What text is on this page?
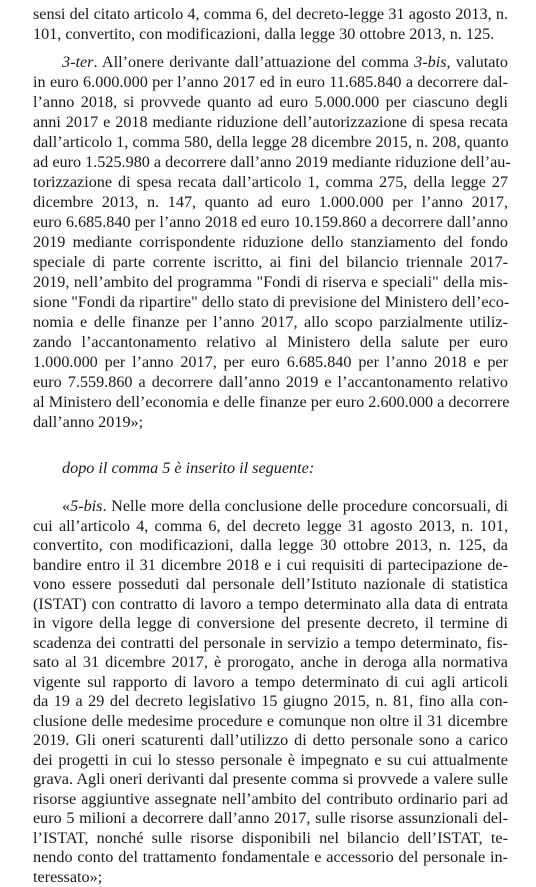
sensi del citato articolo 4, comma 6, del decreto-legge 31 agosto 2013, n.
101, convertito, con modificazioni, dalla legge 30 ottobre 2013, n. 125.
3-ter. All’onere derivante dall’attuazione del comma 3-bis, valutato
in euro 6.000.000 per l’anno 2017 ed in euro 11.685.840 a decorrere dal-
l’anno 2018, si provvede quanto ad euro 5.000.000 per ciascuno degli
anni 2017 e 2018 mediante riduzione dell’autorizzazione di spesa recata
dall’articolo 1, comma 580, della legge 28 dicembre 2015, n. 208, quanto
ad euro 1.525.980 a decorrere dall’anno 2019 mediante riduzione dell’au-
torizzazione di spesa recata dall’articolo 1, comma 275, della legge 27
dicembre 2013, n. 147, quanto ad euro 1.000.000 per l’anno 2017,
euro 6.685.840 per l’anno 2018 ed euro 10.159.860 a decorrere dall’anno
2019 mediante corrispondente riduzione dello stanziamento del fondo
speciale di parte corrente iscritto, ai fini del bilancio triennale 2017-
2019, nell’ambito del programma "Fondi di riserva e speciali" della mis-
sione "Fondi da ripartire" dello stato di previsione del Ministero dell’eco-
nomia e delle finanze per l’anno 2017, allo scopo parzialmente utiliz-
zando l’accantonamento relativo al Ministero della salute per euro
1.000.000 per l’anno 2017, per euro 6.685.840 per l’anno 2018 e per
euro 7.559.860 a decorrere dall’anno 2019 e l’accantonamento relativo
al Ministero dell’economia e delle finanze per euro 2.600.000 a decorrere
dall’anno 2019»;
dopo il comma 5 è inserito il seguente:
«5-bis. Nelle more della conclusione delle procedure concorsuali, di
cui all’articolo 4, comma 6, del decreto legge 31 agosto 2013, n. 101,
convertito, con modificazioni, dalla legge 30 ottobre 2013, n. 125, da
bandire entro il 31 dicembre 2018 e i cui requisiti di partecipazione de-
vono essere posseduti dal personale dell’Istituto nazionale di statistica
(ISTAT) con contratto di lavoro a tempo determinato alla data di entrata
in vigore della legge di conversione del presente decreto, il termine di
scadenza dei contratti del personale in servizio a tempo determinato, fis-
sato al 31 dicembre 2017, è prorogato, anche in deroga alla normativa
vigente sul rapporto di lavoro a tempo determinato di cui agli articoli
da 19 a 29 del decreto legislativo 15 giugno 2015, n. 81, fino alla con-
clusione delle medesime procedure e comunque non oltre il 31 dicembre
2019. Gli oneri scaturenti dall’utilizzo di detto personale sono a carico
dei progetti in cui lo stesso personale è impegnato e su cui attualmente
grava. Agli oneri derivanti dal presente comma si provvede a valere sulle
risorse aggiuntive assegnate nell’ambito del contributo ordinario pari ad
euro 5 milioni a decorrere dall’anno 2017, sulle risorse assunzionali del-
l’ISTAT, nonché sulle risorse disponibili nel bilancio dell’ISTAT, te-
nendo conto del trattamento fondamentale e accessorio del personale in-
teressato»;
